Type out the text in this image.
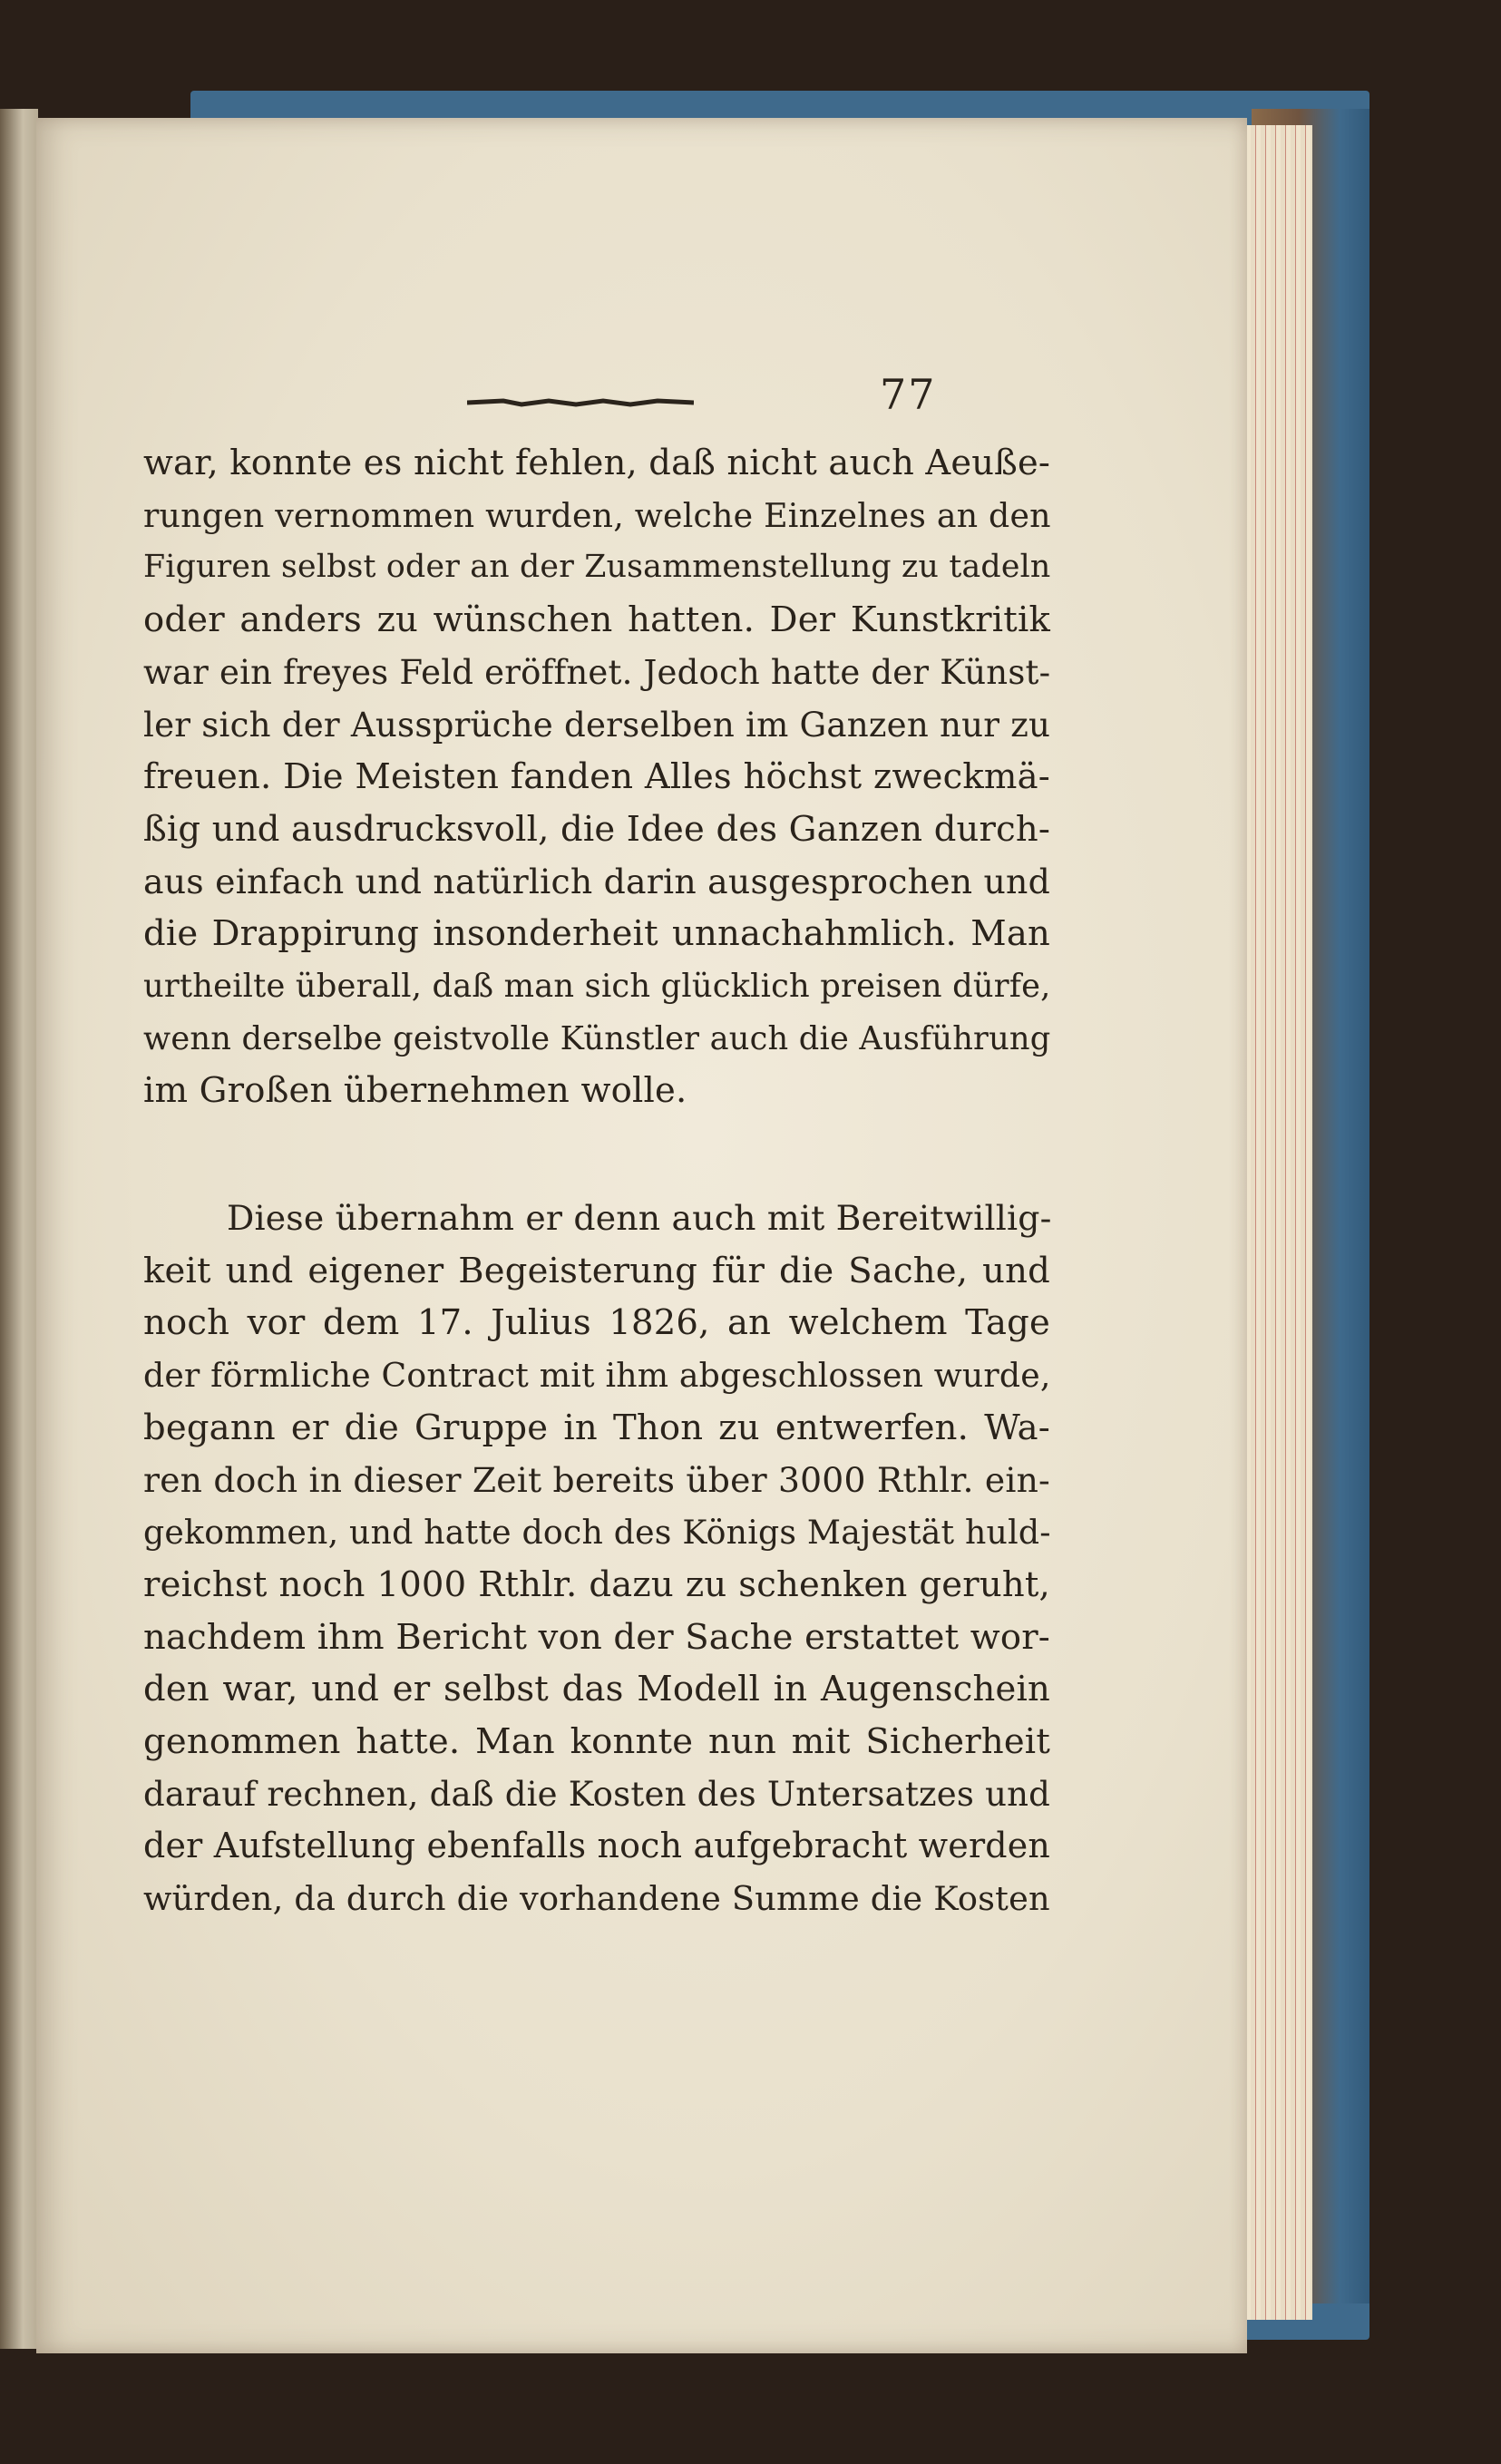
77
war, konnte es nicht fehlen, daß nicht auch Aeuße-
rungen vernommen wurden, welche Einzelnes an den
Figuren selbst oder an der Zusammenstellung zu tadeln
oder anders zu wünschen hatten. Der Kunstkritik
war ein freyes Feld eröffnet. Jedoch hatte der Künst-
ler sich der Aussprüche derselben im Ganzen nur zu
freuen. Die Meisten fanden Alles höchst zweckmä-
ßig und ausdrucksvoll, die Idee des Ganzen durch-
aus einfach und natürlich darin ausgesprochen und
die Drappirung insonderheit unnachahmlich. Man
urtheilte überall, daß man sich glücklich preisen dürfe,
wenn derselbe geistvolle Künstler auch die Ausführung
im Großen übernehmen wolle.
Diese übernahm er denn auch mit Bereitwillig-
keit und eigener Begeisterung für die Sache, und
noch vor dem 17. Julius 1826, an welchem Tage
der förmliche Contract mit ihm abgeschlossen wurde,
begann er die Gruppe in Thon zu entwerfen. Wa-
ren doch in dieser Zeit bereits über 3000 Rthlr. ein-
gekommen, und hatte doch des Königs Majestät huld-
reichst noch 1000 Rthlr. dazu zu schenken geruht,
nachdem ihm Bericht von der Sache erstattet wor-
den war, und er selbst das Modell in Augenschein
genommen hatte. Man konnte nun mit Sicherheit
darauf rechnen, daß die Kosten des Untersatzes und
der Aufstellung ebenfalls noch aufgebracht werden
würden, da durch die vorhandene Summe die Kosten
